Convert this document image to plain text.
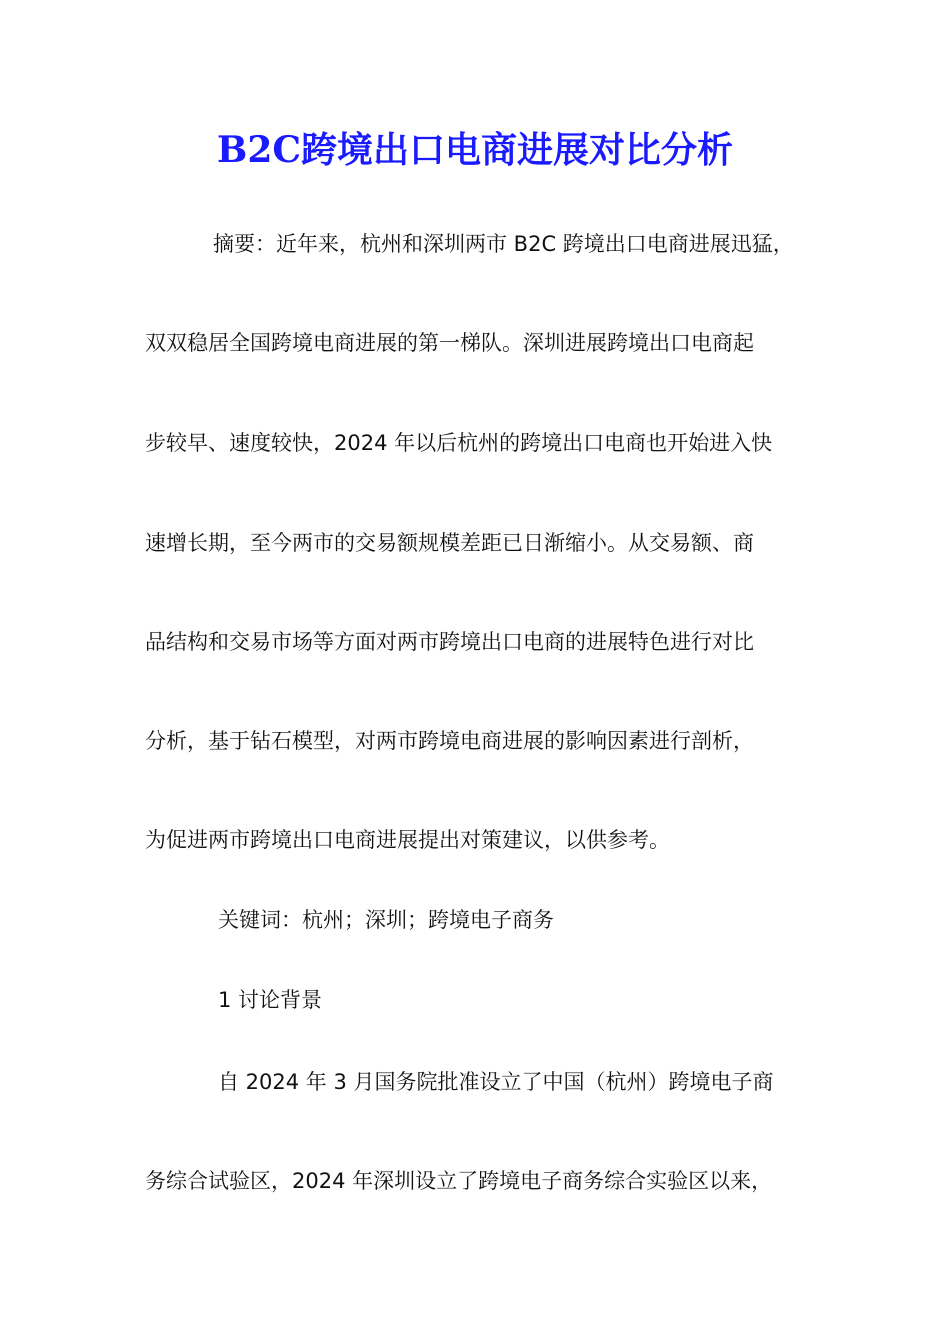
B2C跨境出口电商进展对比分析
摘要：近年来，杭州和深圳两市 B2C 跨境出口电商进展迅猛，
双双稳居全国跨境电商进展的第一梯队。深圳进展跨境出口电商起
步较早、速度较快，2024 年以后杭州的跨境出口电商也开始进入快
速增长期，至今两市的交易额规模差距已日渐缩小。从交易额、商
品结构和交易市场等方面对两市跨境出口电商的进展特色进行对比
分析，基于钻石模型，对两市跨境电商进展的影响因素进行剖析，
为促进两市跨境出口电商进展提出对策建议，以供参考。
关键词：杭州；深圳；跨境电子商务
1 讨论背景
自 2024 年 3 月国务院批准设立了中国（杭州）跨境电子商
务综合试验区，2024 年深圳设立了跨境电子商务综合实验区以来，
